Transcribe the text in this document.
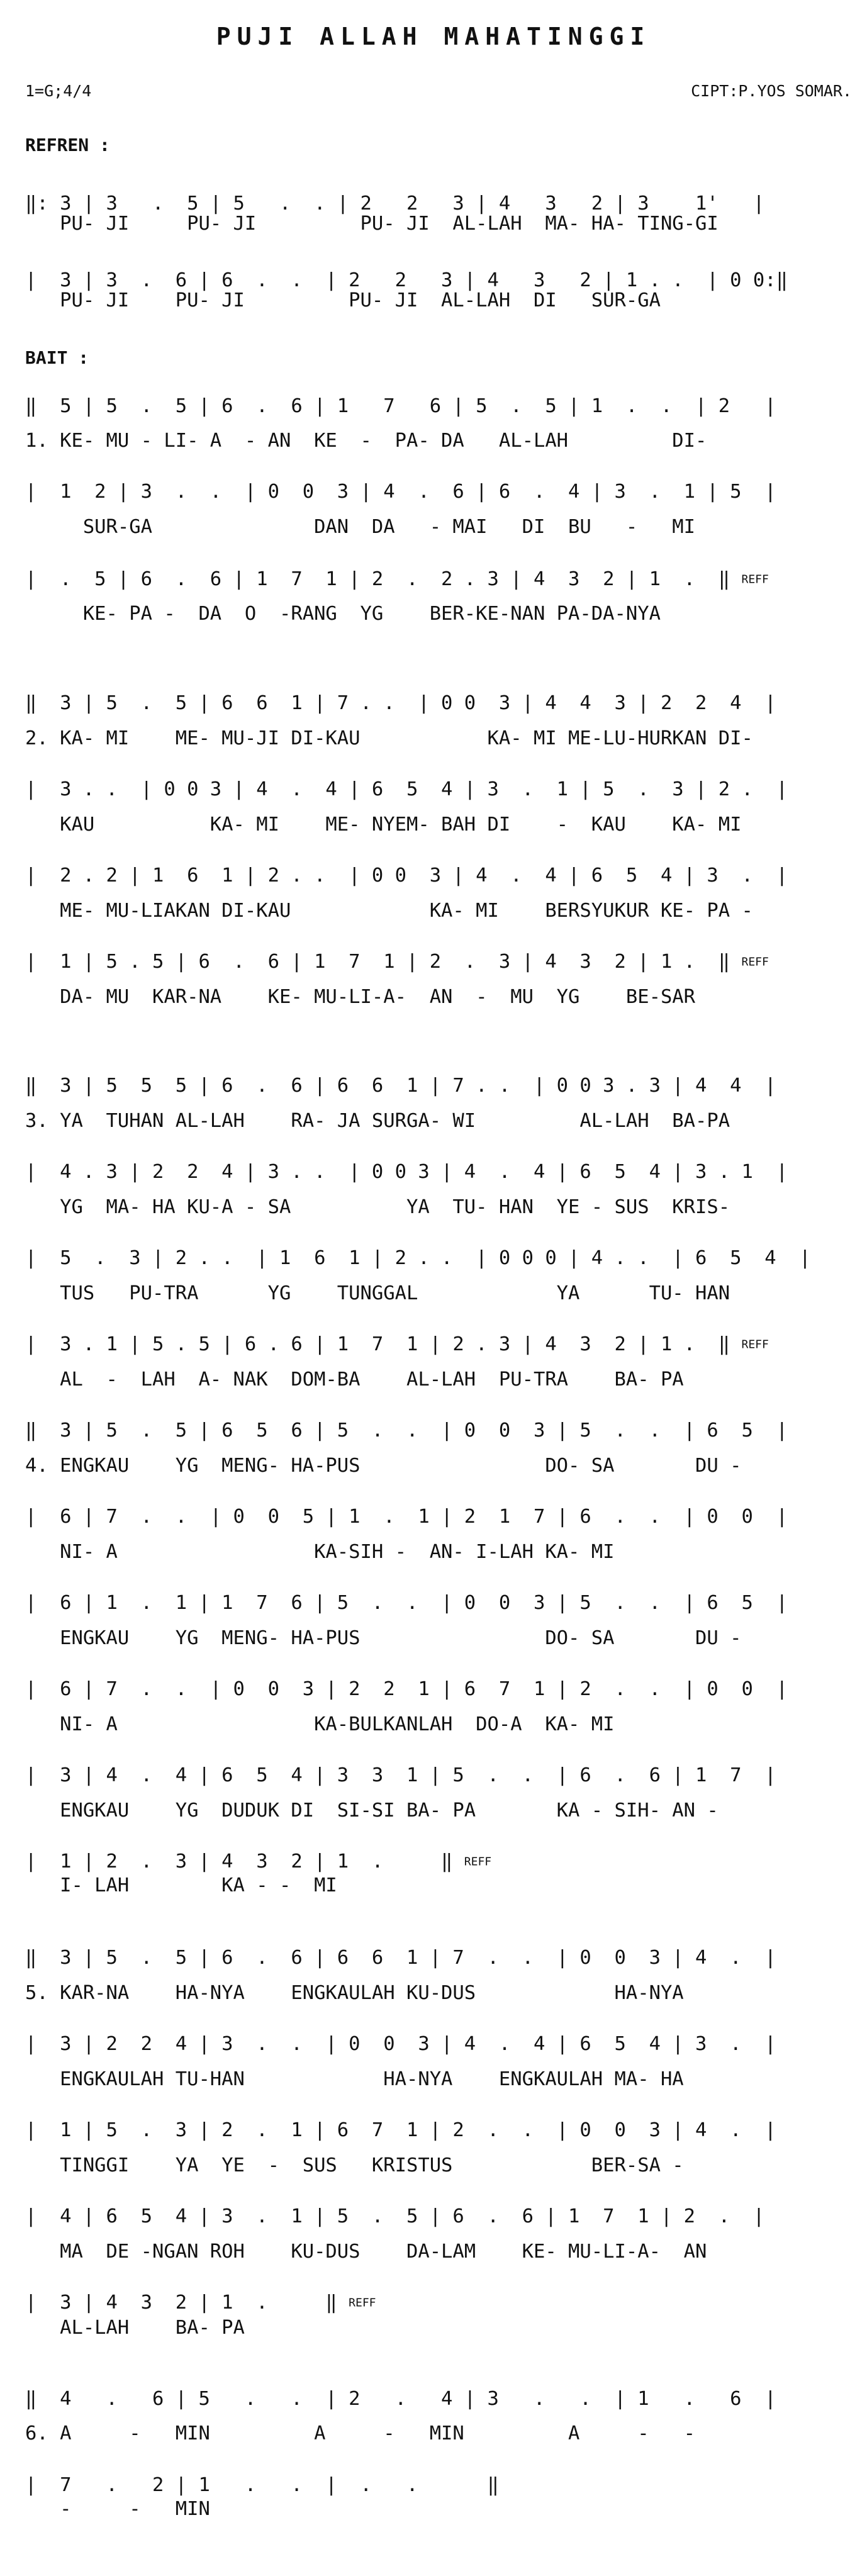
PUJI ALLAH MAHATINGGI
1=G;4/4	CIPT:P.YOS SOMAR.
REFREN :
‖: 3 | 3   .  5 | 5   .  . | 2   2   3 | 4   3   2 | 3    1'   |
PU- JI     PU- JI         PU- JI  AL-LAH  MA- HA- TING-GI
|  3 | 3  .  6 | 6  .  .  | 2   2   3 | 4   3   2 | 1 . .  | 0 0:‖
PU- JI    PU- JI         PU- JI  AL-LAH  DI   SUR-GA
BAIT :
‖  5 | 5  .  5 | 6  .  6 | 1   7   6 | 5  .  5 | 1  .  .  | 2   |
1. KE- MU - LI- A  - AN  KE  -  PA- DA   AL-LAH         DI-
|  1  2 | 3  .  .  | 0  0  3 | 4  .  6 | 6  .  4 | 3  .  1 | 5  |
SUR-GA              DAN  DA   - MAI   DI  BU   -   MI
|  .  5 | 6  .  6 | 1  7  1 | 2  .  2 . 3 | 4  3  2 | 1  .  ‖ REFF
KE- PA -  DA  O  -RANG  YG    BER-KE-NAN PA-DA-NYA
‖  3 | 5  .  5 | 6  6  1 | 7 . .  | 0 0  3 | 4  4  3 | 2  2  4  |
2. KA- MI    ME- MU-JI DI-KAU           KA- MI ME-LU-HURKAN DI-
|  3 . .  | 0 0 3 | 4  .  4 | 6  5  4 | 3  .  1 | 5  .  3 | 2 .  |
KAU          KA- MI    ME- NYEM- BAH DI    -  KAU    KA- MI
|  2 . 2 | 1  6  1 | 2 . .  | 0 0  3 | 4  .  4 | 6  5  4 | 3  .  |
ME- MU-LIAKAN DI-KAU            KA- MI    BERSYUKUR KE- PA -
|  1 | 5 . 5 | 6  .  6 | 1  7  1 | 2  .  3 | 4  3  2 | 1 .  ‖ REFF
DA- MU  KAR-NA    KE- MU-LI-A-  AN  -  MU  YG    BE-SAR
‖  3 | 5  5  5 | 6  .  6 | 6  6  1 | 7 . .  | 0 0 3 . 3 | 4  4  |
3. YA  TUHAN AL-LAH    RA- JA SURGA- WI         AL-LAH  BA-PA
|  4 . 3 | 2  2  4 | 3 . .  | 0 0 3 | 4  .  4 | 6  5  4 | 3 . 1  |
YG  MA- HA KU-A - SA          YA  TU- HAN  YE - SUS  KRIS-
|  5  .  3 | 2 . .  | 1  6  1 | 2 . .  | 0 0 0 | 4 . .  | 6  5  4  |
TUS   PU-TRA      YG    TUNGGAL            YA      TU- HAN
|  3 . 1 | 5 . 5 | 6 . 6 | 1  7  1 | 2 . 3 | 4  3  2 | 1 .  ‖ REFF
AL  -  LAH  A- NAK  DOM-BA    AL-LAH  PU-TRA    BA- PA
‖  3 | 5  .  5 | 6  5  6 | 5  .  .  | 0  0  3 | 5  .  .  | 6  5  |
4. ENGKAU    YG  MENG- HA-PUS                DO- SA       DU -
|  6 | 7  .  .  | 0  0  5 | 1  .  1 | 2  1  7 | 6  .  .  | 0  0  |
NI- A                 KA-SIH -  AN- I-LAH KA- MI
|  6 | 1  .  1 | 1  7  6 | 5  .  .  | 0  0  3 | 5  .  .  | 6  5  |
ENGKAU    YG  MENG- HA-PUS                DO- SA       DU -
|  6 | 7  .  .  | 0  0  3 | 2  2  1 | 6  7  1 | 2  .  .  | 0  0  |
NI- A                 KA-BULKANLAH  DO-A  KA- MI
|  3 | 4  .  4 | 6  5  4 | 3  3  1 | 5  .  .  | 6  .  6 | 1  7  |
ENGKAU    YG  DUDUK DI  SI-SI BA- PA       KA - SIH- AN -
|  1 | 2  .  3 | 4  3  2 | 1  .     ‖ REFF
I- LAH        KA - -  MI
‖  3 | 5  .  5 | 6  .  6 | 6  6  1 | 7  .  .  | 0  0  3 | 4  .  |
5. KAR-NA    HA-NYA    ENGKAULAH KU-DUS            HA-NYA
|  3 | 2  2  4 | 3  .  .  | 0  0  3 | 4  .  4 | 6  5  4 | 3  .  |
ENGKAULAH TU-HAN            HA-NYA    ENGKAULAH MA- HA
|  1 | 5  .  3 | 2  .  1 | 6  7  1 | 2  .  .  | 0  0  3 | 4  .  |
TINGGI    YA  YE  -  SUS   KRISTUS            BER-SA -
|  4 | 6  5  4 | 3  .  1 | 5  .  5 | 6  .  6 | 1  7  1 | 2  .  |
MA  DE -NGAN ROH    KU-DUS    DA-LAM    KE- MU-LI-A-  AN
|  3 | 4  3  2 | 1  .     ‖ REFF
AL-LAH    BA- PA
‖  4   .   6 | 5   .   .  | 2   .   4 | 3   .   .  | 1   .   6  |
6. A     -   MIN         A     -   MIN         A     -   -
|  7   .   2 | 1   .   .  |  .   .      ‖
-     -   MIN
